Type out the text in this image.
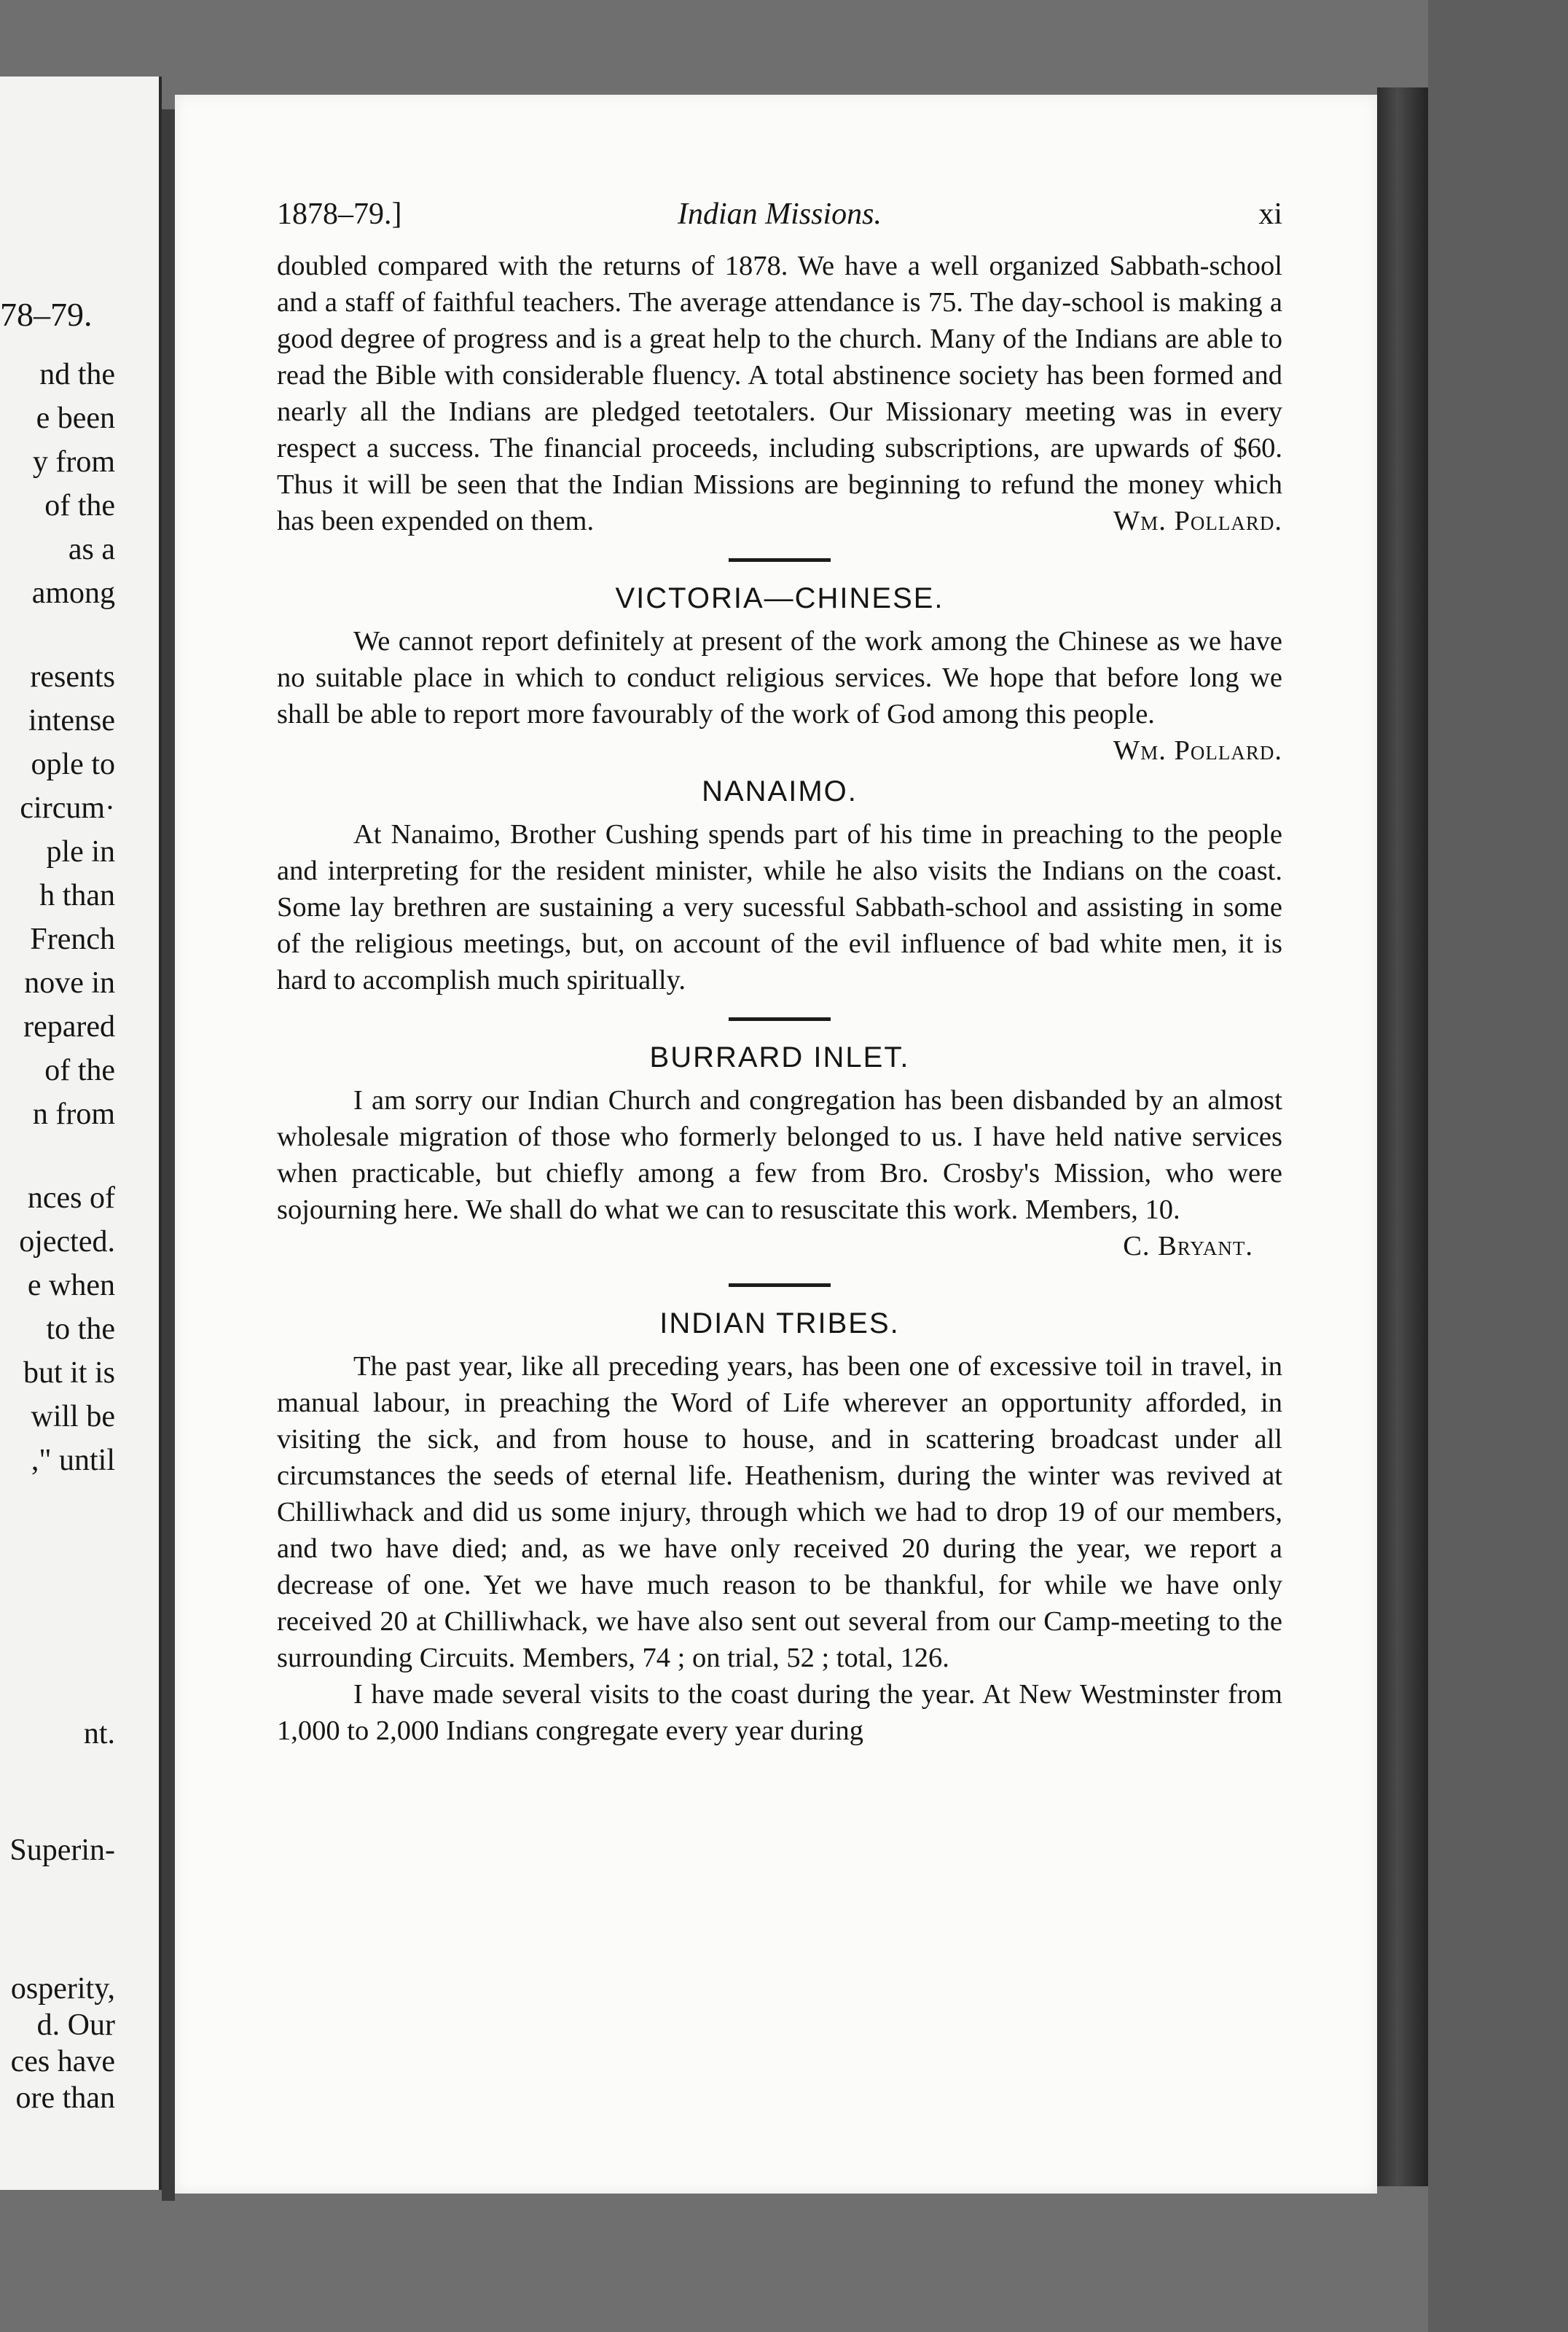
78–79.
nd the
e been
y from
of the
as a
among
resents
intense
ople to
circum·
ple in
h than
French
nove in
repared
of the
n from
nces of
ojected.
e when
to the
but it is
will be
," until
nt.
Superin-
osperity,
d. Our
ces have
ore than
1878–79.]	Indian Missions.	xi

doubled compared with the returns of 1878. We have a well organized Sabbath-school and a staff of faithful teachers. The average attendance is 75. The day-school is making a good degree of progress and is a great help to the church. Many of the Indians are able to read the Bible with considerable fluency. A total abstinence society has been formed and nearly all the Indians are pledged teetotalers. Our Missionary meeting was in every respect a success. The financial proceeds, including subscriptions, are upwards of $60. Thus it will be seen that the Indian Missions are beginning to refund the money which has been expended on them.	Wm. Pollard.

VICTORIA—CHINESE.

We cannot report definitely at present of the work among the Chinese as we have no suitable place in which to conduct religious services. We hope that before long we shall be able to report more favourably of the work of God among this people.
Wm. Pollard.

NANAIMO.

At Nanaimo, Brother Cushing spends part of his time in preaching to the people and interpreting for the resident minister, while he also visits the Indians on the coast. Some lay brethren are sustaining a very sucessful Sabbath-school and assisting in some of the religious meetings, but, on account of the evil influence of bad white men, it is hard to accomplish much spiritually.

BURRARD INLET.

I am sorry our Indian Church and congregation has been disbanded by an almost wholesale migration of those who formerly belonged to us. I have held native services when practicable, but chiefly among a few from Bro. Crosby's Mission, who were sojourning here. We shall do what we can to resuscitate this work. Members, 10.

C. Bryant.
INDIAN TRIBES.

The past year, like all preceding years, has been one of excessive toil in travel, in manual labour, in preaching the Word of Life wherever an opportunity afforded, in visiting the sick, and from house to house, and in scattering broadcast under all circumstances the seeds of eternal life. Heathenism, during the winter was revived at Chilliwhack and did us some injury, through which we had to drop 19 of our members, and two have died; and, as we have only received 20 during the year, we report a decrease of one. Yet we have much reason to be thankful, for while we have only received 20 at Chilliwhack, we have also sent out several from our Camp-meeting to the surrounding Circuits. Members, 74 ; on trial, 52 ; total, 126.

I have made several visits to the coast during the year. At New Westminster from 1,000 to 2,000 Indians congregate every year during
